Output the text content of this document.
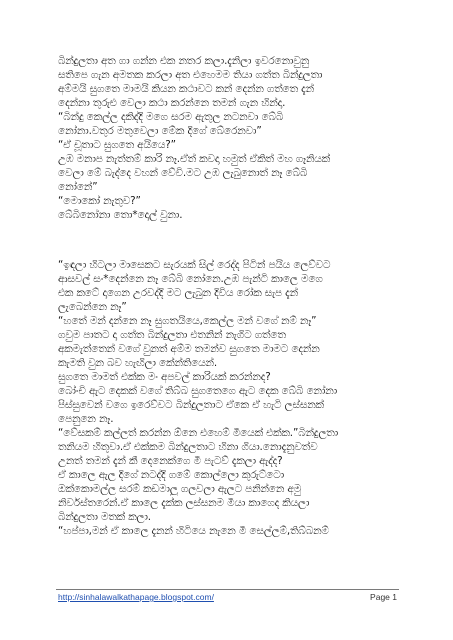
බින්දුලතා අත ගා ගන්න එක නතර කලා.දැනිලා ඉවරනොවුනු
සතිපෙ ගැන අමතක කරලා අත එහෙමම තියා ගත්ත බින්දුලතා
අම්මයි සුගතෙ මාමයි කියන කථාවට කන් දෙන්න ගත්තෙ දැන්
දෙන්නා තුරුළු වෙලා කථා කරන්නෙ තමන් ගැන හින්දා.
“බින්දු කෙල්ල දකිද්දි මගෙ සරම ඇතුල නටනවා බේබි
නෝනා.වතුර මතුවෙලා මේක දිගේ බේරෙනවා”
“ඒ චූතාට සුගතෙ අයියෙ?”
උඹ මනාප නැත්තම් කාරි නෑ.ඒත් කවදා හමුත් ඒකිත් මහ ගෑනියක්
වෙලා මේ බැද්දෙ වහන් වේවි.මට උඹ ලැබුනොත් නෑ බේබි
නෝනේ”
“මොකෝ නැතුව?”
බේබිනෝනා තො*දොල් වුනා.
“ඉඳලා හිටලා මාසෙකට සැරයක් සිල් රෙද්ද පිටින් පයිය ලෙව්වට
ආසවල් සං*දෙන්නෙ නෑ බේබි නෝනෙ.උඹ පැන්ටි කාලෙ මගෙ
එක කටේ දාගෙන උරවද්දි මට ලැබුන දිවිය රෝක සැප දැන්
ලැබෙන්නෙ නෑ”
“හතේ මන් දන්නෙ නෑ සුගතයියෙ,කෙල්ල මන් වගේ නම් නෑ”
ගවුම පාතට දා ගත්ත බින්දුලතා එතනින් නැගිට ගත්තෙ
අකමැත්තෙන් වගේ වුනත් අම්ම තමන්ව සුගතෙ මාමට දෙන්න
කැමති වුන බව හැඟිලා කේන්තියෙන්.
සුගතෙ මාමත් එක්ක මං අපවල් කාරියක් කරන්නද?
බෝංචි ඇට දෙකක් වගේ තිබ්බ සුගතෙගෙ ඇට දෙක බේබි නෝනා
පිස්සුවෙන් වගෙ ඉරෙව්වට බින්දුලතාට ඒකෙ ඒ හැටි ලස්සනක්
පෙනුනෙ නෑ.
“වේසකම් කල්ලත් කරන්න ඕනෙ එහෙම් මීයෙක් එක්ක.”බින්දුලතා
තනියම හිතුවා.ඒ එක්කම බින්දුලතාට හිනා ගියා.නොදැනුවත්ව
උනත් තමන් දැන් කී දෙනෙක්ගෙ මී පැටව් දැකලා ඇද්ද?
ඒ කාලෙ ඇල දිගේ නටද්දි ගමේ කොල්ලො කුරුට්ටො
ඔක්කොමල්ල සරම් කඩමාලු ගලවලා ඇලට පනින්නෙ අමු
නිර්වස්තරෙන්.ඒ කාලෙ දැක්ක ලස්සනම මීයා කාගෙද කියලා
බින්දුලතා මතක් කලා.
“හප්පා,මන් ඒ කාලෙ දැනන් හිටියෙ නැනෙ මී සෙල්ලම්,තිබ්බනම්
http://sinhalawalkathapage.blogspot.com/	Page 1
